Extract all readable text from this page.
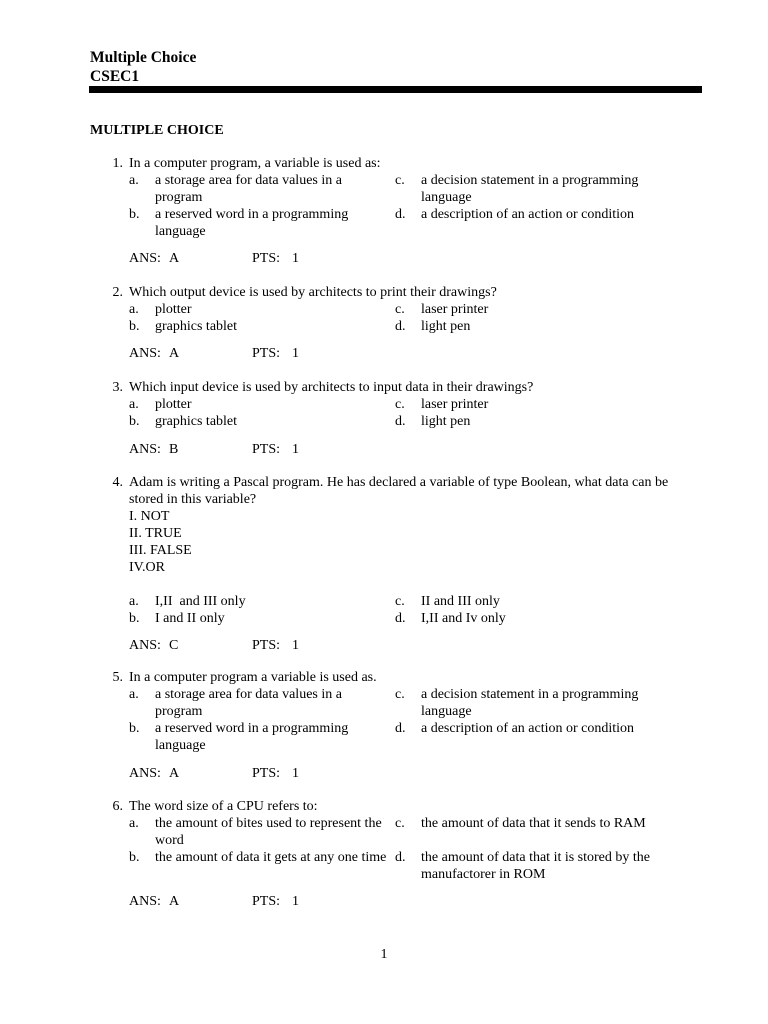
Multiple Choice
CSEC1
MULTIPLE CHOICE
1. In a computer program, a variable is used as:
a. a storage area for data values in a program
b. a reserved word in a programming language
c. a decision statement in a programming language
d. a description of an action or condition
ANS: A	PTS: 1
2. Which output device is used by architects to print their drawings?
a. plotter
b. graphics tablet
c. laser printer
d. light pen
ANS: A	PTS: 1
3. Which input device is used by architects to input data in their drawings?
a. plotter
b. graphics tablet
c. laser printer
d. light pen
ANS: B	PTS: 1
4. Adam is writing a Pascal program. He has declared a variable of type Boolean, what data can be stored in this variable?
I. NOT
II. TRUE
III. FALSE
IV.OR
a. I,II  and III only
b. I and II only
c. II and III only
d. I,II and Iv only
ANS: C	PTS: 1
5. In a computer program a variable is used as.
a. a storage area for data values in a program
b. a reserved word in a programming language
c. a decision statement in a programming language
d. a description of an action or condition
ANS: A	PTS: 1
6. The word size of a CPU refers to:
a. the amount of bites used to represent the word
b. the amount of data it gets at any one time
c. the amount of data that it sends to RAM
d. the amount of data that it is stored by the manufactorer in ROM
ANS: A	PTS: 1
1
